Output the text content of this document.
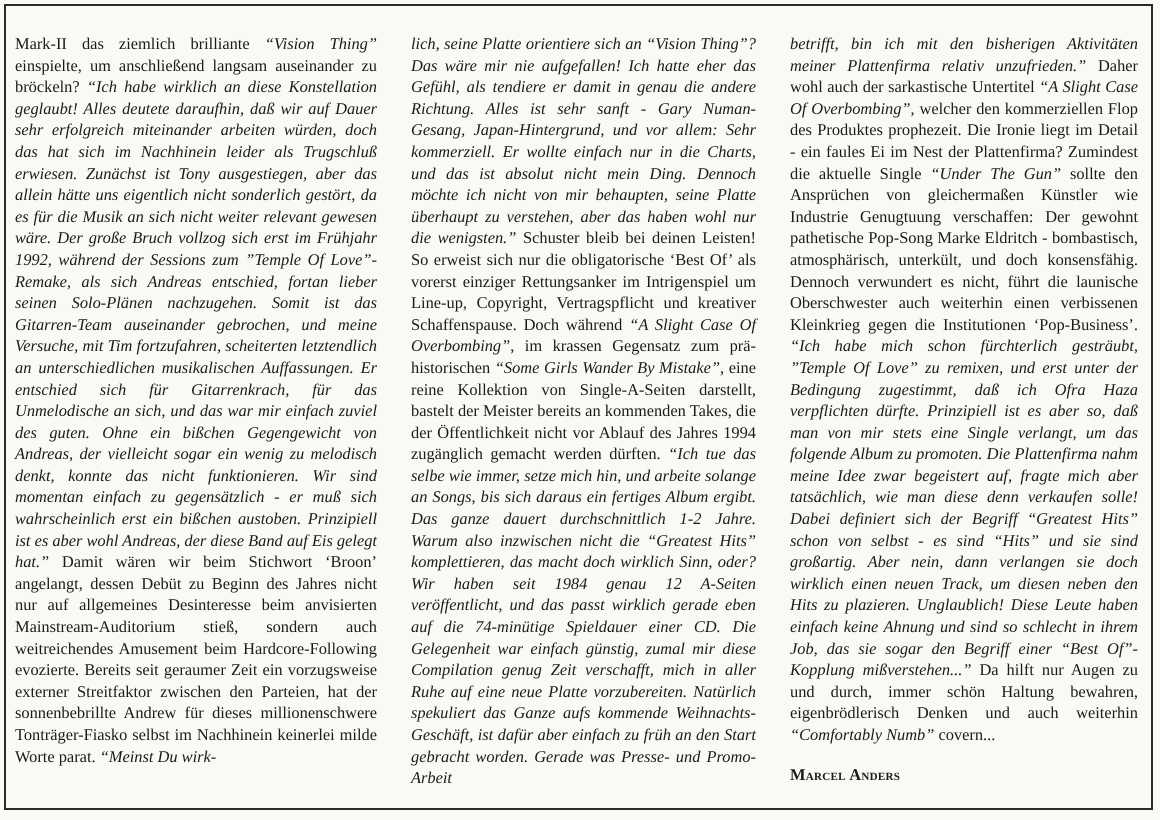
Mark-II das ziemlich brilliante “Vision Thing” einspielte, um anschließend langsam auseinander zu bröckeln? “Ich habe wirklich an diese Konstellation geglaubt! Alles deutete daraufhin, daß wir auf Dauer sehr erfolgreich miteinander arbeiten würden, doch das hat sich im Nachhinein leider als Trugschluß erwiesen. Zunächst ist Tony ausgestiegen, aber das allein hätte uns eigentlich nicht sonderlich gestört, da es für die Musik an sich nicht weiter relevant gewesen wäre. Der große Bruch vollzog sich erst im Frühjahr 1992, während der Sessions zum ”Temple Of Love”-Remake, als sich Andreas entschied, fortan lieber seinen Solo-Plänen nachzugehen. Somit ist das Gitarren-Team auseinander gebrochen, und meine Versuche, mit Tim fortzufahren, scheiterten letztendlich an unterschiedlichen musikalischen Auffassungen. Er entschied sich für Gitarrenkrach, für das Unmelodische an sich, und das war mir einfach zuviel des guten. Ohne ein bißchen Gegengewicht von Andreas, der vielleicht sogar ein wenig zu melodisch denkt, konnte das nicht funktionieren. Wir sind momentan einfach zu gegensätzlich - er muß sich wahrscheinlich erst ein bißchen austoben. Prinzipiell ist es aber wohl Andreas, der diese Band auf Eis gelegt hat.” Damit wären wir beim Stichwort ‘Broon’ angelangt, dessen Debüt zu Beginn des Jahres nicht nur auf allgemeines Desinteresse beim anvisierten Mainstream-Auditorium stieß, sondern auch weitreichendes Amusement beim Hardcore-Following evozierte. Bereits seit geraumer Zeit ein vorzugsweise externer Streitfaktor zwischen den Parteien, hat der sonnenbebrillte Andrew für dieses millionenschwere Tonträger-Fiasko selbst im Nachhinein keinerlei milde Worte parat. “Meinst Du wirk-

lich, seine Platte orientiere sich an “Vision Thing”? Das wäre mir nie aufgefallen! Ich hatte eher das Gefühl, als tendiere er damit in genau die andere Richtung. Alles ist sehr sanft - Gary Numan-Gesang, Japan-Hintergrund, und vor allem: Sehr kommerziell. Er wollte einfach nur in die Charts, und das ist absolut nicht mein Ding. Dennoch möchte ich nicht von mir behaupten, seine Platte überhaupt zu verstehen, aber das haben wohl nur die wenigsten.” Schuster bleib bei deinen Leisten! So erweist sich nur die obligatorische ‘Best Of’ als vorerst einziger Rettungsanker im Intrigenspiel um Line-up, Copyright, Vertragspflicht und kreativer Schaffenspause. Doch während “A Slight Case Of Overbombing”, im krassen Gegensatz zum prä-historischen “Some Girls Wander By Mistake”, eine reine Kollektion von Single-A-Seiten darstellt, bastelt der Meister bereits an kommenden Takes, die der Öffentlichkeit nicht vor Ablauf des Jahres 1994 zugänglich gemacht werden dürften. “Ich tue das selbe wie immer, setze mich hin, und arbeite solange an Songs, bis sich daraus ein fertiges Album ergibt. Das ganze dauert durchschnittlich 1-2 Jahre. Warum also inzwischen nicht die “Greatest Hits” komplettieren, das macht doch wirklich Sinn, oder? Wir haben seit 1984 genau 12 A-Seiten veröffentlicht, und das passt wirklich gerade eben auf die 74-minütige Spieldauer einer CD. Die Gelegenheit war einfach günstig, zumal mir diese Compilation genug Zeit verschafft, mich in aller Ruhe auf eine neue Platte vorzubereiten. Natürlich spekuliert das Ganze aufs kommende Weihnachts-Geschäft, ist dafür aber einfach zu früh an den Start gebracht worden. Gerade was Presse- und Promo-Arbeit

betrifft, bin ich mit den bisherigen Aktivitäten meiner Plattenfirma relativ unzufrieden.” Daher wohl auch der sarkastische Untertitel “A Slight Case Of Overbombing”, welcher den kommerziellen Flop des Produktes prophezeit. Die Ironie liegt im Detail - ein faules Ei im Nest der Plattenfirma? Zumindest die aktuelle Single “Under The Gun” sollte den Ansprüchen von gleichermaßen Künstler wie Industrie Genugtuung verschaffen: Der gewohnt pathetische Pop-Song Marke Eldritch - bombastisch, atmosphärisch, unterkült, und doch konsensfähig. Dennoch verwundert es nicht, führt die launische Oberschwester auch weiterhin einen verbissenen Kleinkrieg gegen die Institutionen ‘Pop-Business’. “Ich habe mich schon fürchterlich gesträubt, ”Temple Of Love” zu remixen, und erst unter der Bedingung zugestimmt, daß ich Ofra Haza verpflichten dürfte. Prinzipiell ist es aber so, daß man von mir stets eine Single verlangt, um das folgende Album zu promoten. Die Plattenfirma nahm meine Idee zwar begeistert auf, fragte mich aber tatsächlich, wie man diese denn verkaufen solle! Dabei definiert sich der Begriff “Greatest Hits” schon von selbst - es sind “Hits” und sie sind großartig. Aber nein, dann verlangen sie doch wirklich einen neuen Track, um diesen neben den Hits zu plazieren. Unglaublich! Diese Leute haben einfach keine Ahnung und sind so schlecht in ihrem Job, das sie sogar den Begriff einer “Best Of”-Kopplung mißverstehen...” Da hilft nur Augen zu und durch, immer schön Haltung bewahren, eigenbrödlerisch Denken und auch weiterhin “Comfortably Numb” covern...

Marcel Anders
